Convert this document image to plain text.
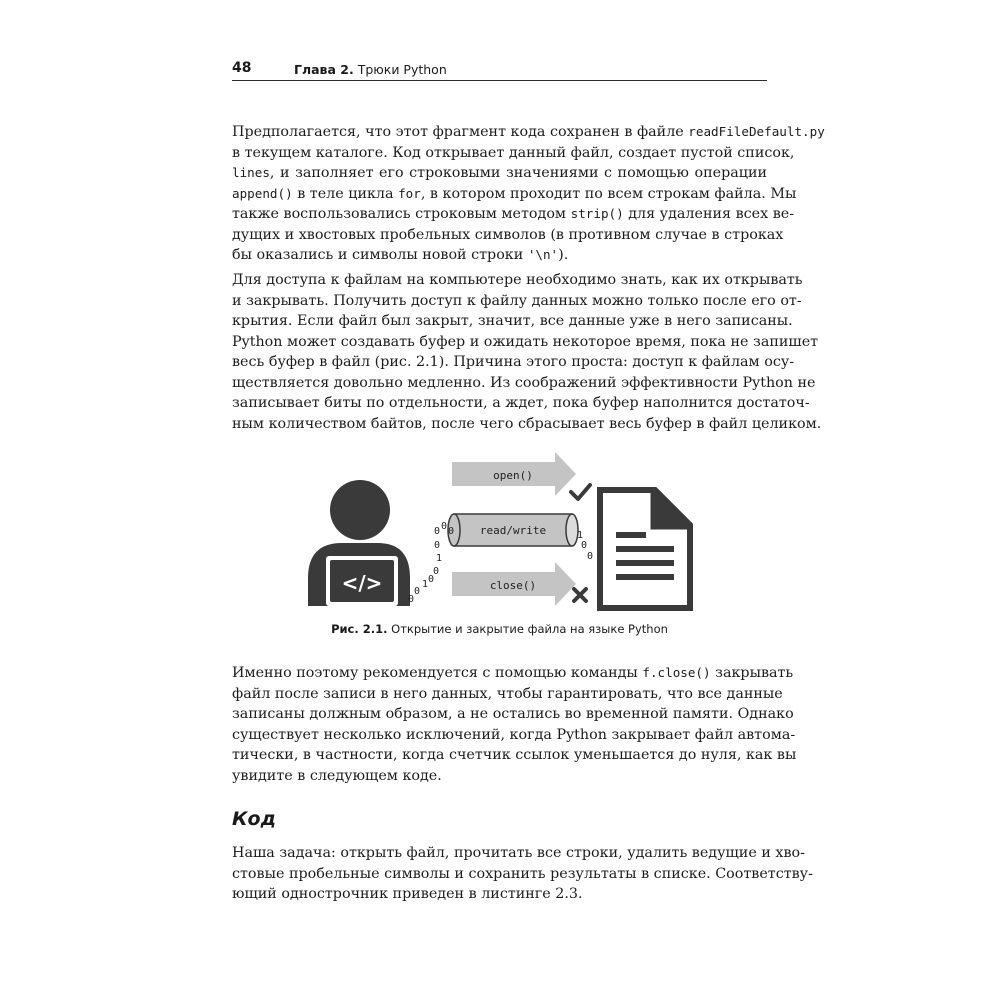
48	Глава 2. Трюки Python
Предполагается, что этот фрагмент кода сохранен в файле readFileDefault.py
в текущем каталоге. Код открывает данный файл, создает пустой список,
lines, и заполняет его строковыми значениями с помощью операции
append() в теле цикла for, в котором проходит по всем строкам файла. Мы
также воспользовались строковым методом strip() для удаления всех ве-
дущих и хвостовых пробельных символов (в противном случае в строках
бы оказались и символы новой строки '\n').
Для доступа к файлам на компьютере необходимо знать, как их открывать
и закрывать. Получить доступ к файлу данных можно только после его от-
крытия. Если файл был закрыт, значит, все данные уже в него записаны.
Python может создавать буфер и ожидать некоторое время, пока не запишет
весь буфер в файл (рис. 2.1). Причина этого проста: доступ к файлам осу-
ществляется довольно медленно. Из соображений эффективности Python не
записывает биты по отдельности, а ждет, пока буфер наполнится достаточ-
ным количеством байтов, после чего сбрасывает весь буфер в файл целиком.
</>
open()
read/write
close()
0 0 0
0
1
0
0
1 0
0
1
0
0
Рис. 2.1. Открытие и закрытие файла на языке Python
Именно поэтому рекомендуется с помощью команды f.close() закрывать
файл после записи в него данных, чтобы гарантировать, что все данные
записаны должным образом, а не остались во временной памяти. Однако
существует несколько исключений, когда Python закрывает файл автома-
тически, в частности, когда счетчик ссылок уменьшается до нуля, как вы
увидите в следующем коде.
Код
Наша задача: открыть файл, прочитать все строки, удалить ведущие и хво-
стовые пробельные символы и сохранить результаты в списке. Соответству-
ющий однострочник приведен в листинге 2.3.
